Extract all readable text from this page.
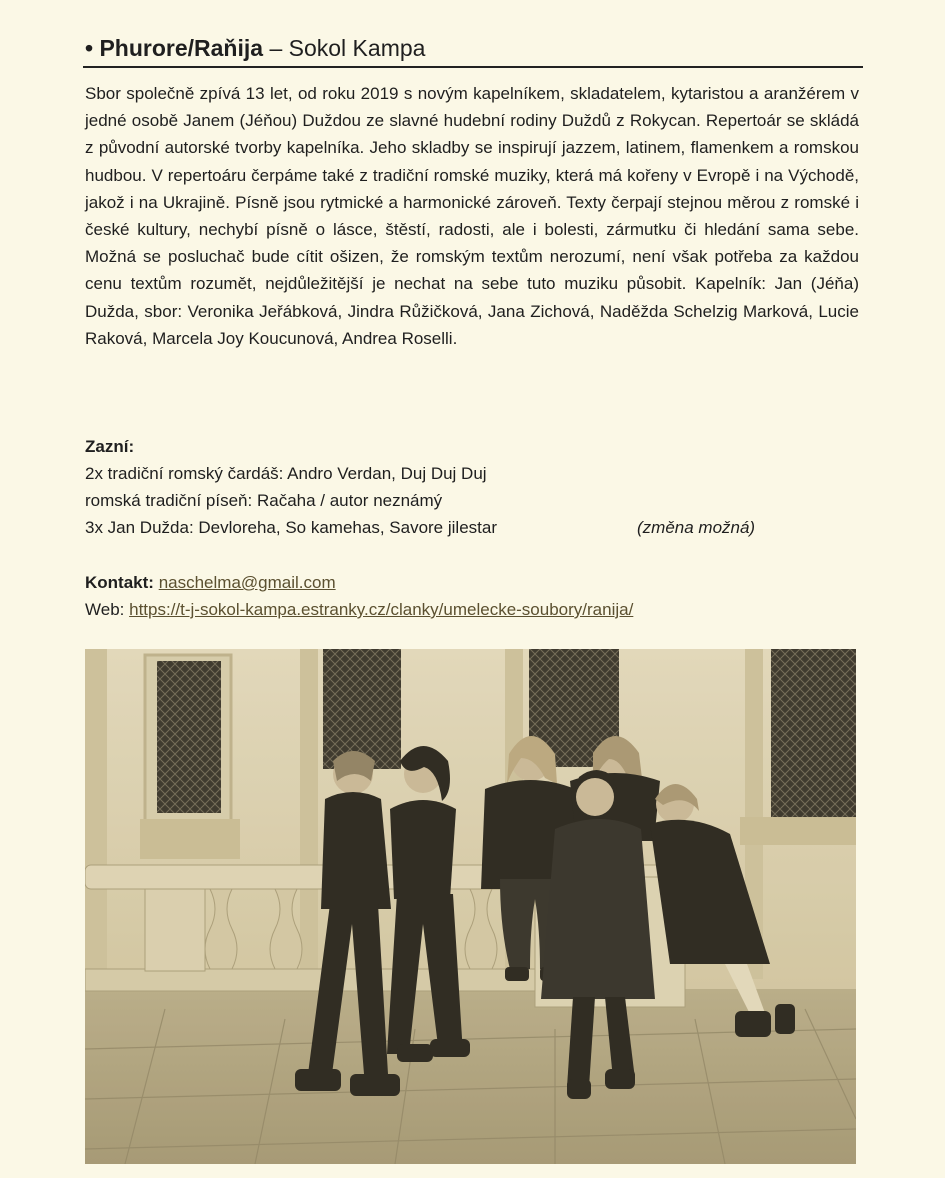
• Phurore/Raňija – Sokol Kampa

Sbor společně zpívá 13 let, od roku 2019 s novým kapelníkem, skladatelem, kytaristou a aranžérem v jedné osobě Janem (Jéňou) Duždou ze slavné hudební rodiny Duždů z Rokycan. Repertoár se skládá z původní autorské tvorby kapelníka. Jeho skladby se inspirují jazzem, latinem, flamenkem a romskou hudbou. V repertoáru čerpáme také z tradiční romské muziky, která má kořeny v Evropě i na Východě, jakož i na Ukrajině. Písně jsou rytmické a harmonické zároveň. Texty čerpají stejnou měrou z romské i české kultury, nechybí písně o lásce, štěstí, radosti, ale i bolesti, zármutku či hledání sama sebe. Možná se posluchač bude cítit ošizen, že romským textům nerozumí, není však potřeba za každou cenu textům rozumět, nejdůležitější je nechat na sebe tuto muziku působit. Kapelník: Jan (Jéňa) Dužda, sbor: Veronika Jeřábková, Jindra Růžičková, Jana Zichová, Naděžda Schelzig Marková, Lucie Raková, Marcela Joy Koucunová, Andrea Roselli.

Zazní:
2x tradiční romský čardáš: Andro Verdan, Duj Duj Duj
romská tradiční píseň: Račaha / autor neznámý
3x Jan Dužda: Devloreha, So kamehas, Savore jilestar	(změna možná)
Kontakt: naschelma@gmail.com
Web: https://t-j-sokol-kampa.estranky.cz/clanky/umelecke-soubory/ranija/
